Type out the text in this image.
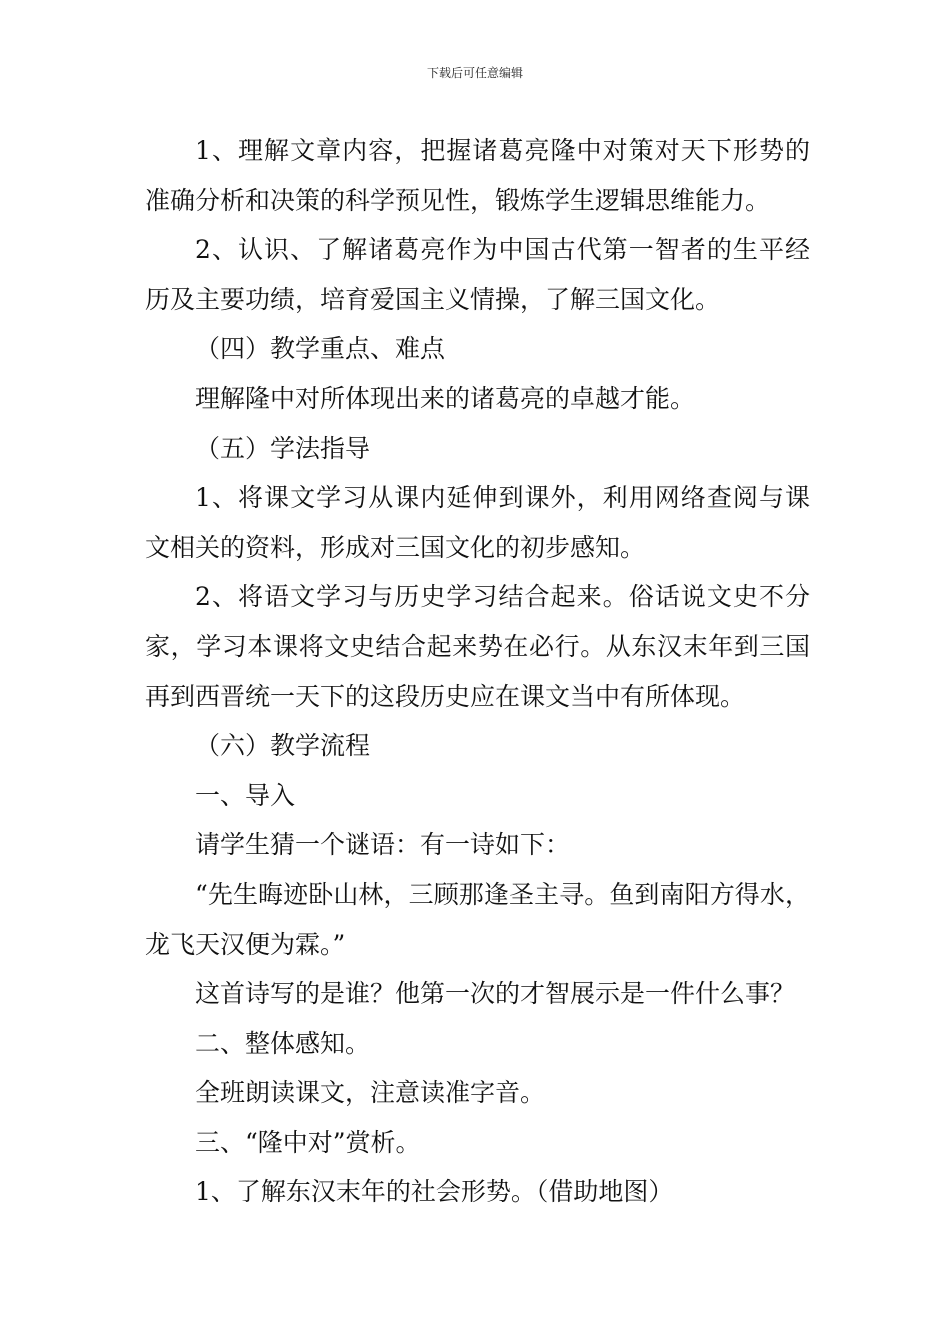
下载后可任意编辑

1、理解文章内容，把握诸葛亮隆中对策对天下形势的准确分析和决策的科学预见性，锻炼学生逻辑思维能力。

2、认识、了解诸葛亮作为中国古代第一智者的生平经历及主要功绩，培育爱国主义情操，了解三国文化。

（四）教学重点、难点

理解隆中对所体现出来的诸葛亮的卓越才能。

（五）学法指导

1、将课文学习从课内延伸到课外，利用网络查阅与课文相关的资料，形成对三国文化的初步感知。

2、将语文学习与历史学习结合起来。俗话说文史不分家，学习本课将文史结合起来势在必行。从东汉末年到三国再到西晋统一天下的这段历史应在课文当中有所体现。

（六）教学流程

一、导入

请学生猜一个谜语：有一诗如下：

“先生晦迹卧山林，三顾那逢圣主寻。鱼到南阳方得水，龙飞天汉便为霖。”

这首诗写的是谁？他第一次的才智展示是一件什么事？

二、整体感知。

全班朗读课文，注意读准字音。

三、“隆中对”赏析。

1、了解东汉末年的社会形势。（借助地图）
